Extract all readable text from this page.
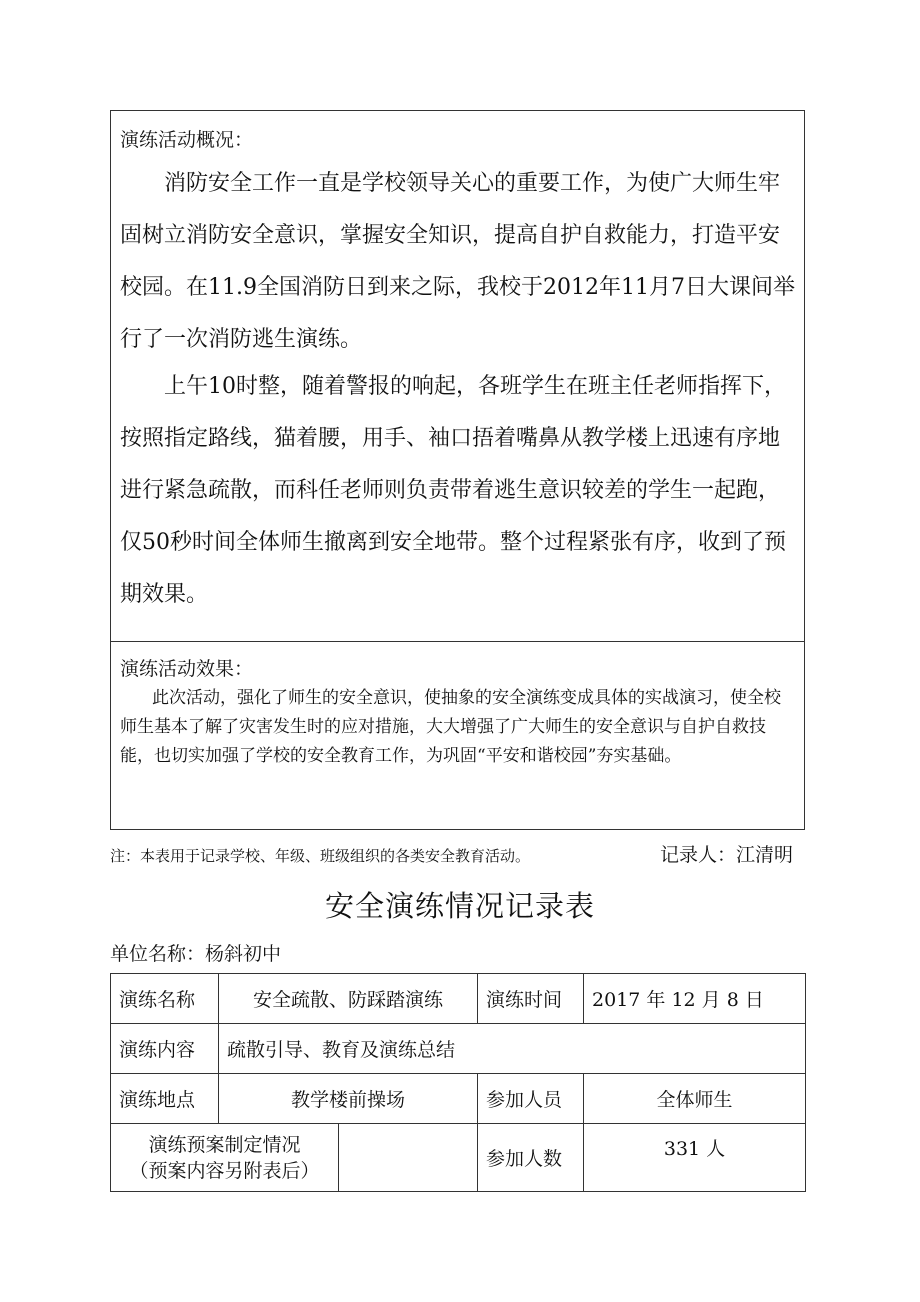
演练活动概况：

消防安全工作一直是学校领导关心的重要工作，为使广大师生牢固树立消防安全意识，掌握安全知识，提高自护自救能力，打造平安校园。在11.9全国消防日到来之际，我校于2012年11月7日大课间举行了一次消防逃生演练。

上午10时整，随着警报的响起，各班学生在班主任老师指挥下，按照指定路线，猫着腰，用手、袖口捂着嘴鼻从教学楼上迅速有序地进行紧急疏散，而科任老师则负责带着逃生意识较差的学生一起跑，仅50秒时间全体师生撤离到安全地带。整个过程紧张有序，收到了预期效果。

演练活动效果：

此次活动，强化了师生的安全意识，使抽象的安全演练变成具体的实战演习，使全校师生基本了解了灾害发生时的应对措施，大大增强了广大师生的安全意识与自护自救技能，也切实加强了学校的安全教育工作，为巩固“平安和谐校园”夯实基础。

注：本表用于记录学校、年级、班级组织的各类安全教育活动。	记录人：江清明
安全演练情况记录表
单位名称：杨斜初中
演练名称	安全疏散、防踩踏演练		演练时间	2017 年 12 月 8 日
演练内容	疏散引导、教育及演练总结			
演练地点	教学楼前操场		参加人员	全体师生

演练预案制定情况
（预案内容另附表后）			参加人数	331 人
